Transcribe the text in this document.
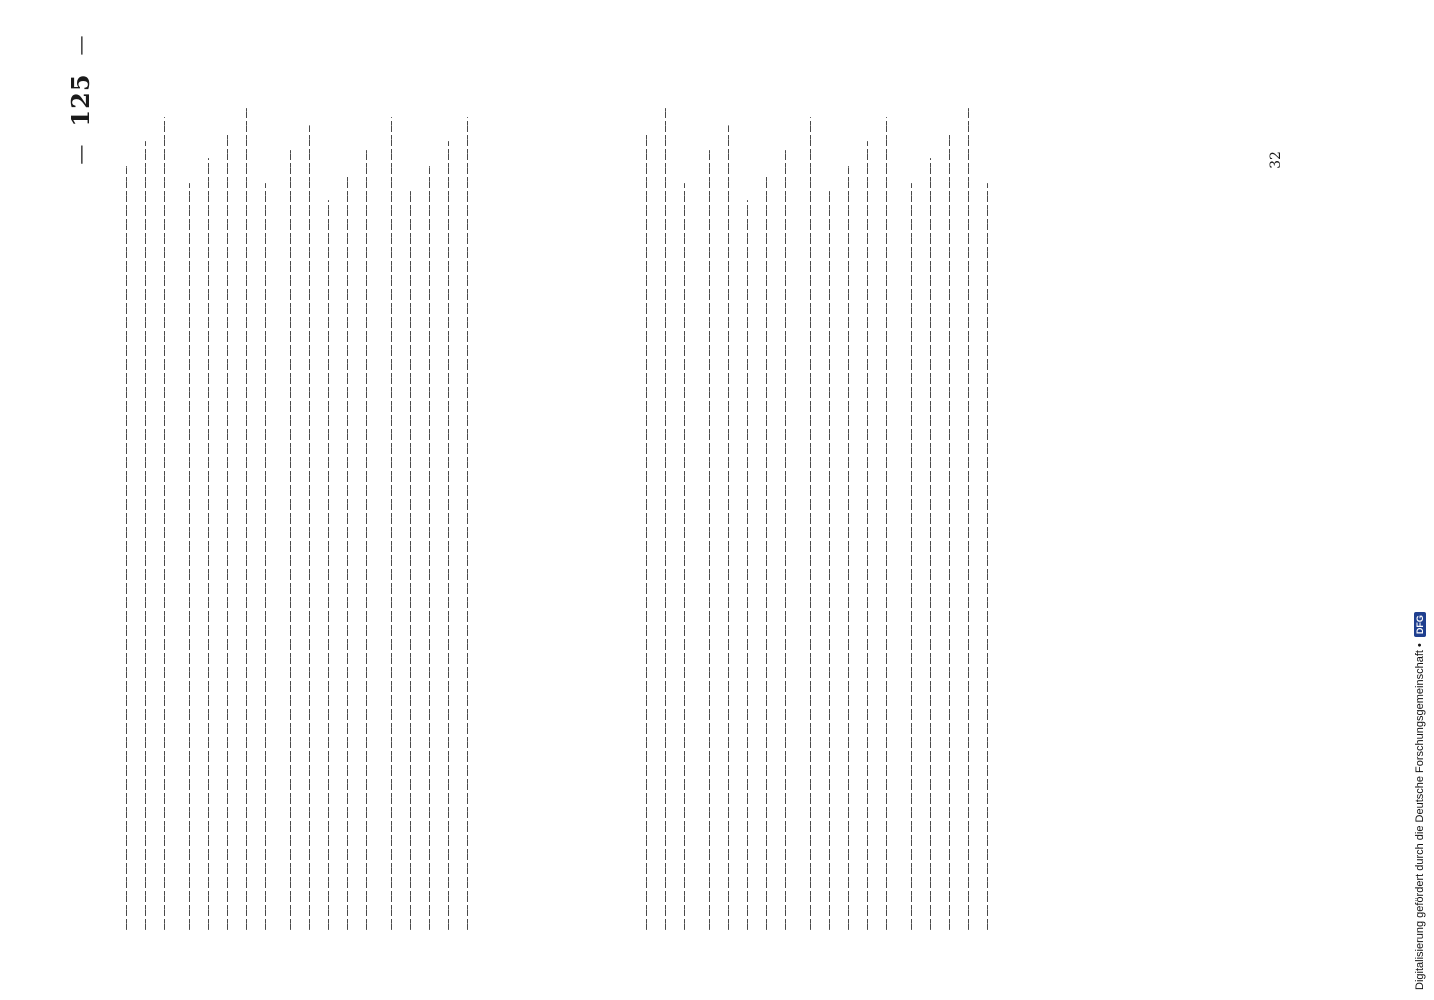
—
125
—
32
Digitalisierung gefördert durch die Deutsche Forschungsgemeinschaft •
DFG
